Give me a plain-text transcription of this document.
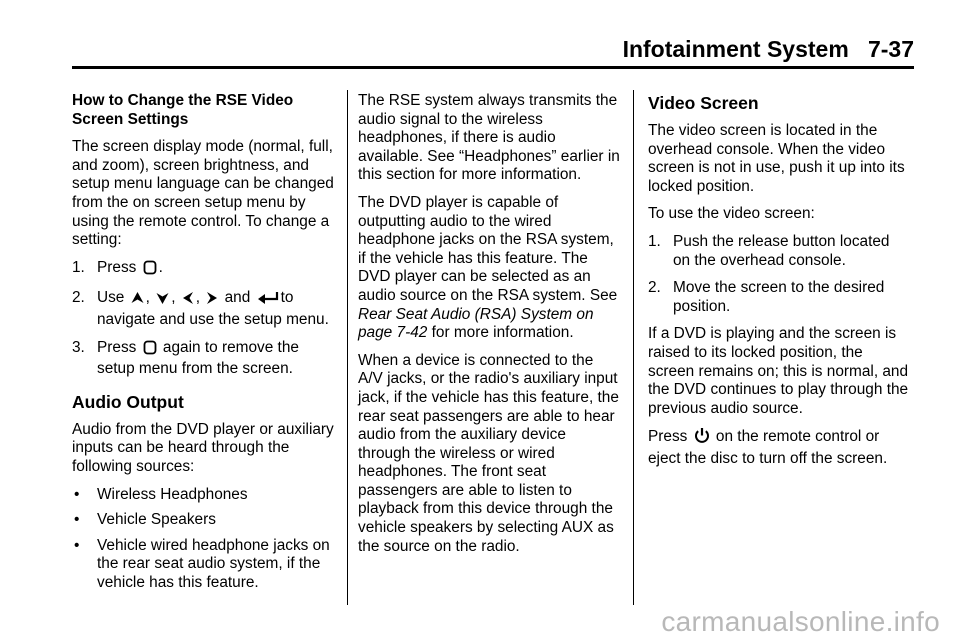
Infotainment System   7-37

How to Change the RSE Video Screen Settings

The screen display mode (normal, full, and zoom), screen brightness, and setup menu language can be changed from the on screen setup menu by using the remote control. To change a setting:

1. Press .
2. Use , , , and to
navigate and use the setup menu.
3. Press again to remove the setup menu from the screen.
Audio Output

Audio from the DVD player or auxiliary inputs can be heard through the following sources:

• Wireless Headphones
• Vehicle Speakers
• Vehicle wired headphone jacks on the rear seat audio system, if the vehicle has this feature.

The RSE system always transmits the audio signal to the wireless headphones, if there is audio available. See “Headphones” earlier in this section for more information.

The DVD player is capable of outputting audio to the wired headphone jacks on the RSA system, if the vehicle has this feature. The DVD player can be selected as an audio source on the RSA system. See Rear Seat Audio (RSA) System on page 7-42 for more information.

When a device is connected to the A/V jacks, or the radio's auxiliary input jack, if the vehicle has this feature, the rear seat passengers are able to hear audio from the auxiliary device through the wireless or wired headphones. The front seat passengers are able to listen to playback from this device through the vehicle speakers by selecting AUX as the source on the radio.

Video Screen

The video screen is located in the overhead console. When the video screen is not in use, push it up into its locked position.

To use the video screen:

1. Push the release button located on the overhead console.
2. Move the screen to the desired position.

If a DVD is playing and the screen is raised to its locked position, the screen remains on; this is normal, and the DVD continues to play through the previous audio source.

Press on the remote control or eject the disc to turn off the screen.

carmanualsonline.info
